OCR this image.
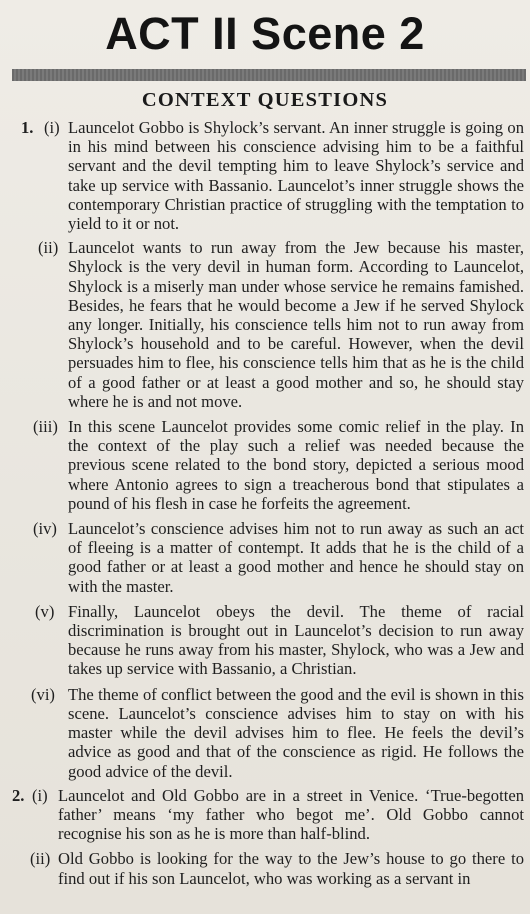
ACT II Scene 2
CONTEXT QUESTIONS
1. (i) Launcelot Gobbo is Shylock’s servant. An inner struggle is going on in his mind between his conscience advising him to be a faithful servant and the devil tempting him to leave Shylock’s service and take up service with Bassanio. Launcelot’s inner struggle shows the contemporary Christian practice of struggling with the temptation to yield to it or not.
(ii) Launcelot wants to run away from the Jew because his master, Shylock is the very devil in human form. According to Launcelot, Shylock is a miserly man under whose service he remains famished. Besides, he fears that he would become a Jew if he served Shylock any longer. Initially, his conscience tells him not to run away from Shylock’s household and to be careful. However, when the devil persuades him to flee, his conscience tells him that as he is the child of a good father or at least a good mother and so, he should stay where he is and not move.
(iii) In this scene Launcelot provides some comic relief in the play. In the context of the play such a relief was needed because the previous scene related to the bond story, depicted a serious mood where Antonio agrees to sign a treacherous bond that stipulates a pound of his flesh in case he forfeits the agreement.
(iv) Launcelot’s conscience advises him not to run away as such an act of fleeing is a matter of contempt. It adds that he is the child of a good father or at least a good mother and hence he should stay on with the master.
(v) Finally, Launcelot obeys the devil. The theme of racial discrimination is brought out in Launcelot’s decision to run away because he runs away from his master, Shylock, who was a Jew and takes up service with Bassanio, a Christian.
(vi) The theme of conflict between the good and the evil is shown in this scene. Launcelot’s conscience advises him to stay on with his master while the devil advises him to flee. He feels the devil’s advice as good and that of the conscience as rigid. He follows the good advice of the devil.
2. (i) Launcelot and Old Gobbo are in a street in Venice. ‘True-begotten father’ means ‘my father who begot me’. Old Gobbo cannot recognise his son as he is more than half-blind.
(ii) Old Gobbo is looking for the way to the Jew’s house to go there to find out if his son Launcelot, who was working as a servant in
